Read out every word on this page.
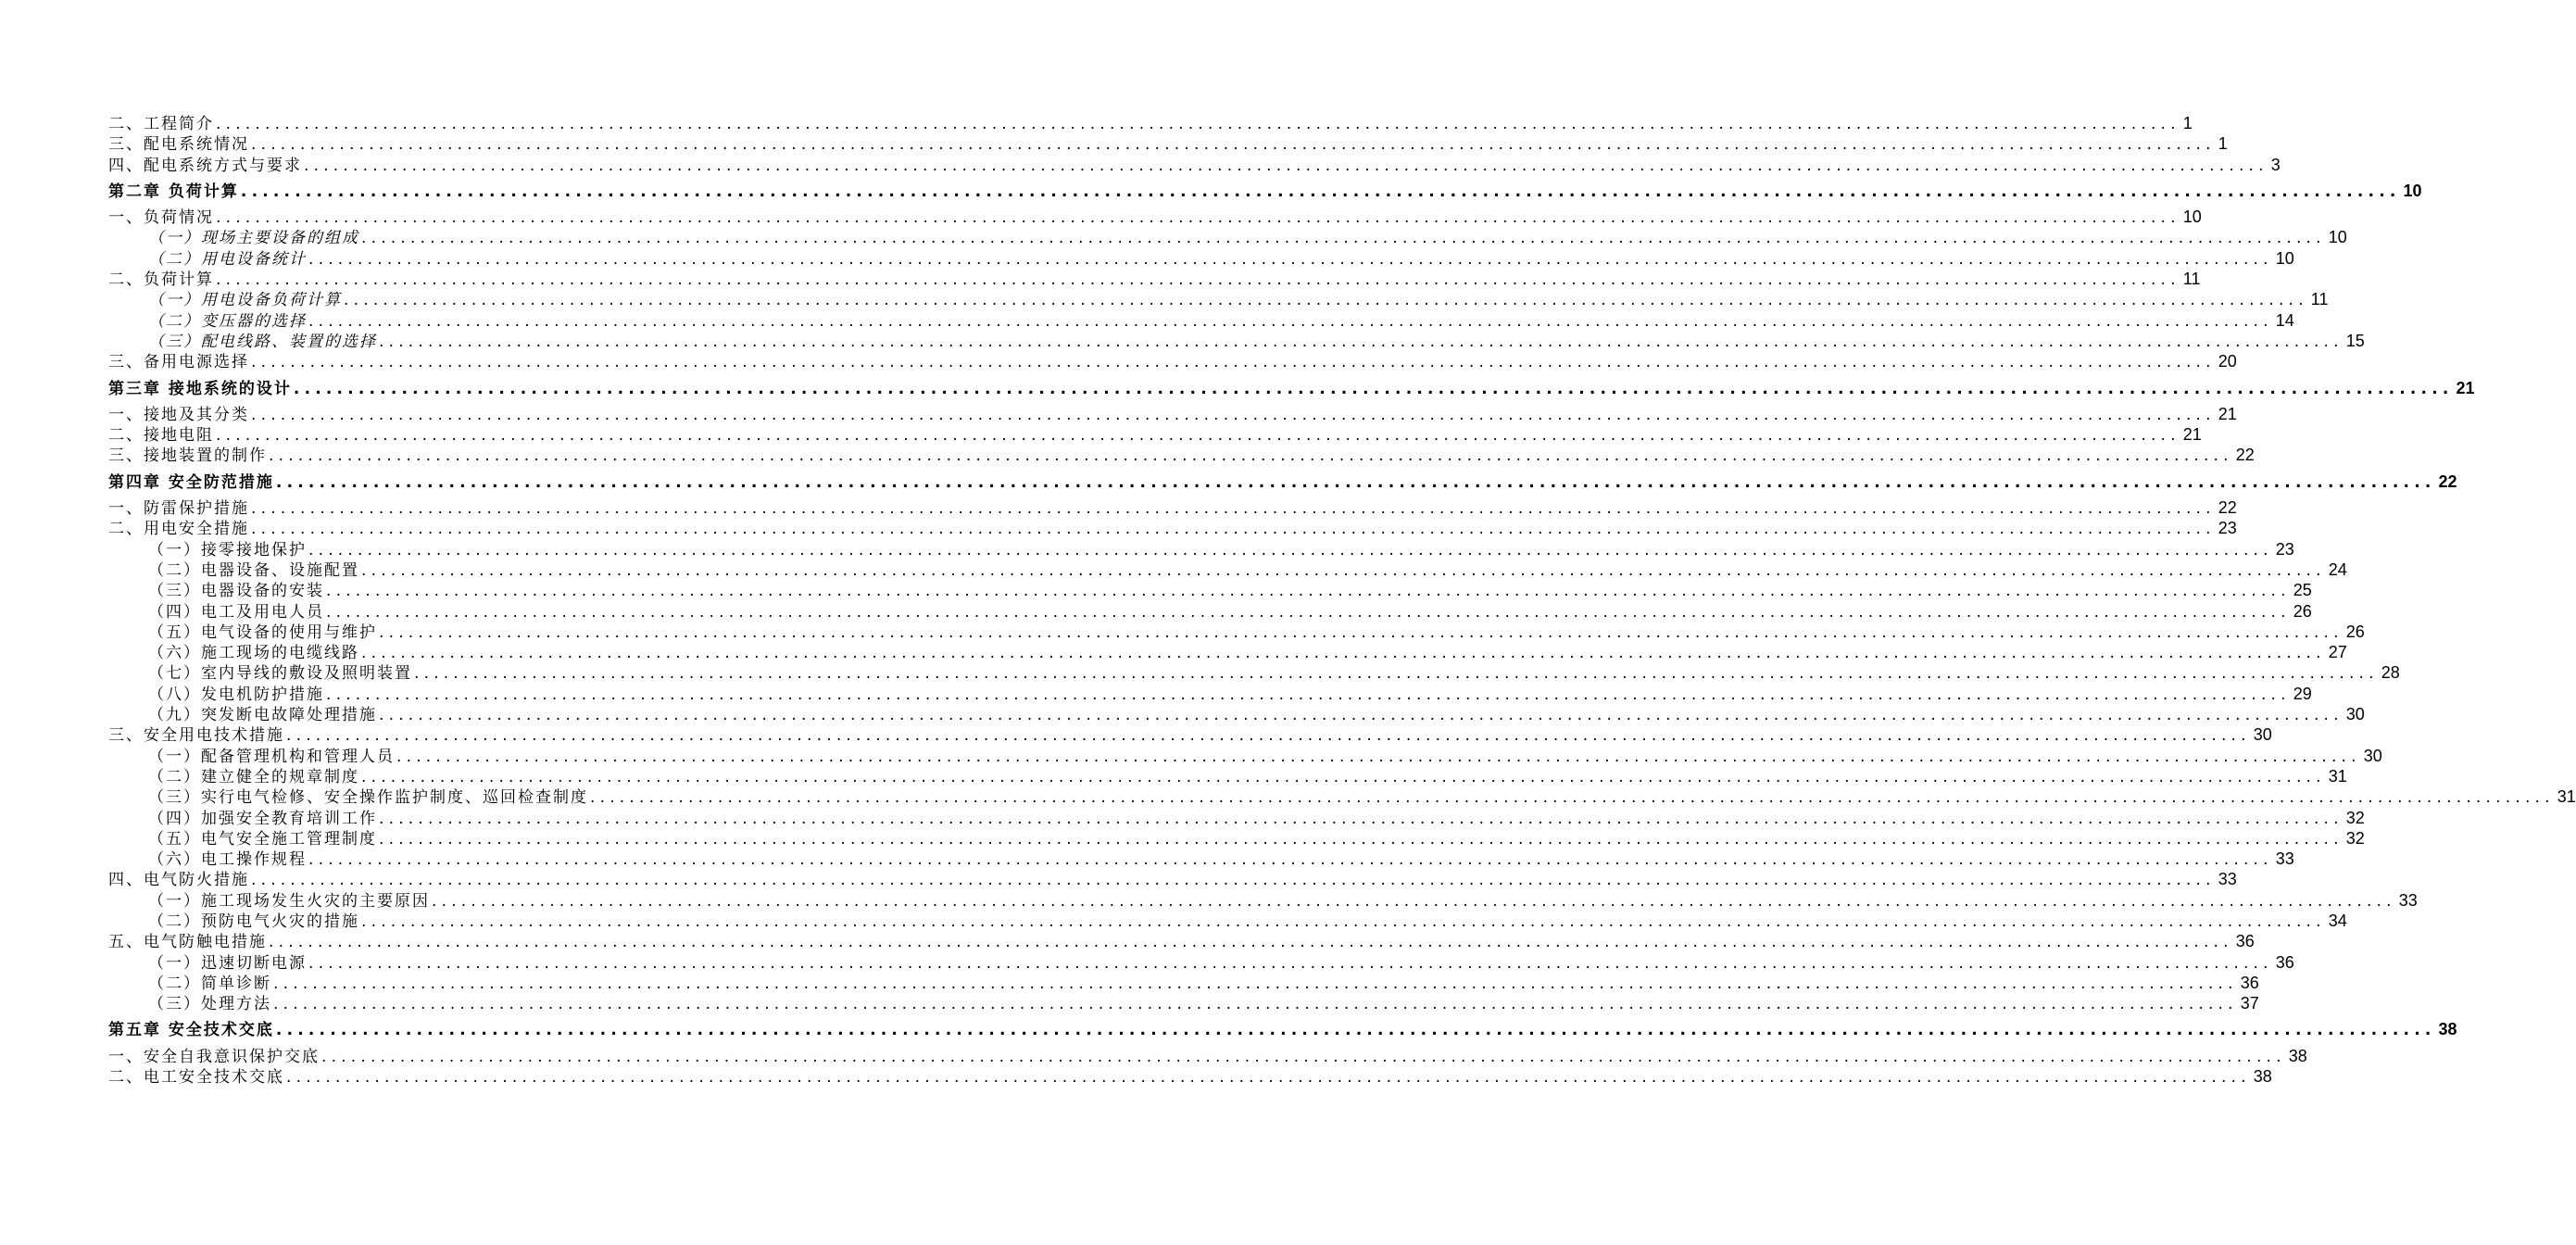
二、工程简介 ........................................................................................................................................................................................................ 1
三、配电系统情况 ........................................................................................................................................................................................................ 1
四、配电系统方式与要求 ........................................................................................................................................................................................................ 3
第二章 负荷计算 ........................................................................................................................................................................................................ 10
一、负荷情况 ........................................................................................................................................................................................................ 10
（一）现场主要设备的组成 ........................................................................................................................................................................................................ 10
（二）用电设备统计 ........................................................................................................................................................................................................ 10
二、负荷计算 ........................................................................................................................................................................................................ 11
（一）用电设备负荷计算 ........................................................................................................................................................................................................ 11
（二）变压器的选择 ........................................................................................................................................................................................................ 14
（三）配电线路、装置的选择 ........................................................................................................................................................................................................ 15
三、备用电源选择 ........................................................................................................................................................................................................ 20
第三章 接地系统的设计 ........................................................................................................................................................................................................ 21
一、接地及其分类 ........................................................................................................................................................................................................ 21
二、接地电阻 ........................................................................................................................................................................................................ 21
三、接地装置的制作 ........................................................................................................................................................................................................ 22
第四章 安全防范措施 ........................................................................................................................................................................................................ 22
一、防雷保护措施 ........................................................................................................................................................................................................ 22
二、用电安全措施 ........................................................................................................................................................................................................ 23
（一）接零接地保护 ........................................................................................................................................................................................................ 23
（二）电器设备、设施配置 ........................................................................................................................................................................................................ 24
（三）电器设备的安装 ........................................................................................................................................................................................................ 25
（四）电工及用电人员 ........................................................................................................................................................................................................ 26
（五）电气设备的使用与维护 ........................................................................................................................................................................................................ 26
（六）施工现场的电缆线路 ........................................................................................................................................................................................................ 27
（七）室内导线的敷设及照明装置 ........................................................................................................................................................................................................ 28
（八）发电机防护措施 ........................................................................................................................................................................................................ 29
（九）突发断电故障处理措施 ........................................................................................................................................................................................................ 30
三、安全用电技术措施 ........................................................................................................................................................................................................ 30
（一）配备管理机构和管理人员 ........................................................................................................................................................................................................ 30
（二）建立健全的规章制度 ........................................................................................................................................................................................................ 31
（三）实行电气检修、安全操作监护制度、巡回检查制度 ........................................................................................................................................................................................................ 31
（四）加强安全教育培训工作 ........................................................................................................................................................................................................ 32
（五）电气安全施工管理制度 ........................................................................................................................................................................................................ 32
（六）电工操作规程 ........................................................................................................................................................................................................ 33
四、电气防火措施 ........................................................................................................................................................................................................ 33
（一）施工现场发生火灾的主要原因 ........................................................................................................................................................................................................ 33
（二）预防电气火灾的措施 ........................................................................................................................................................................................................ 34
五、电气防触电措施 ........................................................................................................................................................................................................ 36
（一）迅速切断电源 ........................................................................................................................................................................................................ 36
（二）简单诊断 ........................................................................................................................................................................................................ 36
（三）处理方法 ........................................................................................................................................................................................................ 37
第五章 安全技术交底 ........................................................................................................................................................................................................ 38
一、安全自我意识保护交底 ........................................................................................................................................................................................................ 38
二、电工安全技术交底 ........................................................................................................................................................................................................ 38
